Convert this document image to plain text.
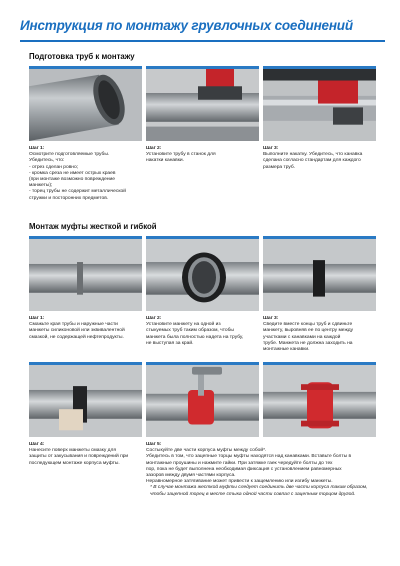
Инструкция по монтажу грувлочных соединений
Подготовка труб к монтажу
Шаг 1:
Осмотрите подготовляемые трубы.
Убедитесь, что:
- отрез сделан ровно;
- кромка среза не имеет острых краев
(при монтаже возможно повреждение
манжеты);
- торец трубы не содержит металлической
стружки и посторонних предметов.
Шаг 2:
Установите трубу в станок для
накатки канавки.
Шаг 3:
Выполните накатку. Убедитесь, что канавка
сделана согласно стандартам для каждого
размера труб.
Монтаж муфты жесткой и гибкой
Шаг 1:
Смажьте края трубы и наружные части
манжеты силиконовой или эквивалентной
смазкой, не содержащей нефтепродукты.
Шаг 2:
Установите манжету на одной из
стыкуемых труб таким образом, чтобы
манжета была полностью надета на трубу,
не выступая за край.
Шаг 3:
Сведите вместе концы труб и сдвиньте
манжету, выровняв ее по центру между
участками с канавками на каждой
трубе. Манжета не должна заходить на
монтажные канавки.
Шаг 4:
Нанесите поверх манжеты смазку для
защиты от закусывания и повреждений при
последующем монтаже корпуса муфты.
Шаг 5:
Состыкуйте две части корпуса муфты между собой*.
Убедитесь в том, что зацепные торцы муфты находятся над канавками. Вставьте болты в
монтажные проушины и нажмите гайки. При затяжке гаек чередуйте болты до тех
пор, пока не будет выполнена необходимая фиксация с установлением равномерных
зазоров между двумя частями корпуса.
Неравномерное затягивание может привести к защемлению или изгибу манжеты.
* В случае монтажа жесткой муфты следует соединить две части корпуса таким образом,
чтобы зацепной торец в месте стыка одной части совпал с зацепным торцом другой.
